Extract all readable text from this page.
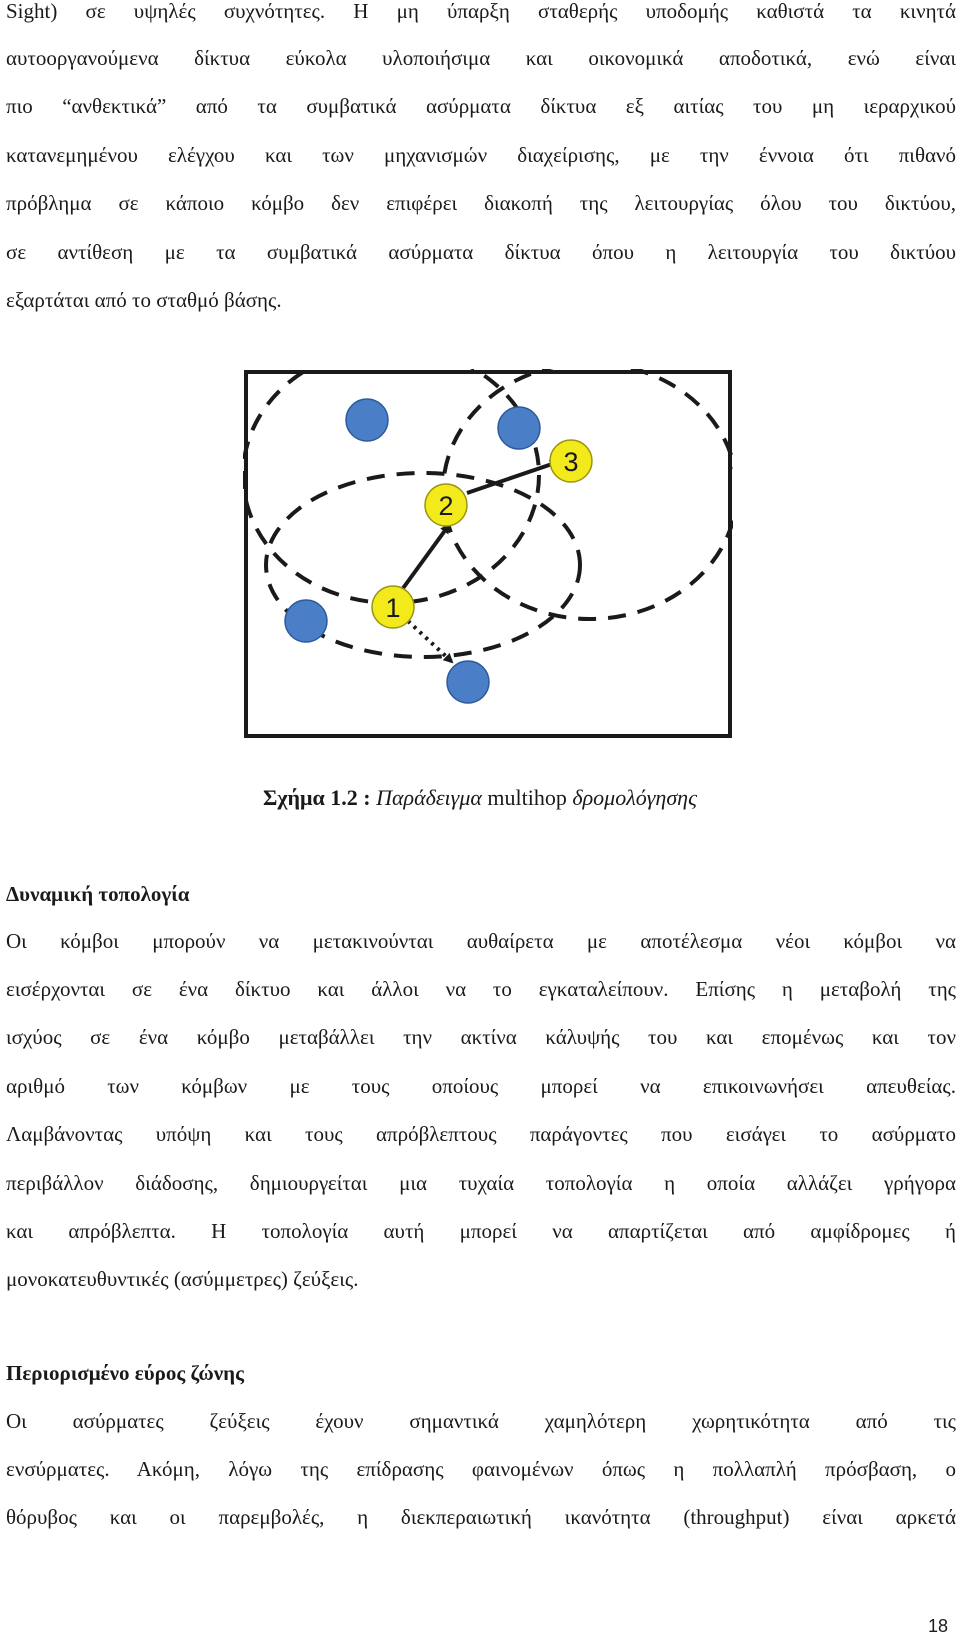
Sight) σε υψηλές συχνότητες. Η μη ύπαρξη σταθερής υποδομής καθιστά τα κινητά
αυτοοργανούμενα δίκτυα εύκολα υλοποιήσιμα και οικονομικά αποδοτικά, ενώ είναι
πιο “ανθεκτικά” από τα συμβατικά ασύρματα δίκτυα εξ αιτίας του μη ιεραρχικού
κατανεμημένου ελέγχου και των μηχανισμών διαχείρισης, με την έννοια ότι πιθανό
πρόβλημα σε κάποιο κόμβο δεν επιφέρει διακοπή της λειτουργίας όλου του δικτύου,
σε αντίθεση με τα συμβατικά ασύρματα δίκτυα όπου η λειτουργία του δικτύου
εξαρτάται από το σταθμό βάσης.
1
2
3
Σχήμα 1.2 : Παράδειγμα multihop δρομολόγησης
Δυναμική τοπολογία
Οι κόμβοι μπορούν να μετακινούνται αυθαίρετα με αποτέλεσμα νέοι κόμβοι να
εισέρχονται σε ένα δίκτυο και άλλοι να το εγκαταλείπουν. Επίσης η μεταβολή της
ισχύος σε ένα κόμβο μεταβάλλει την ακτίνα κάλυψής του και επομένως και τον
αριθμό των κόμβων με τους οποίους μπορεί να επικοινωνήσει απευθείας.
Λαμβάνοντας υπόψη και τους απρόβλεπτους παράγοντες που εισάγει το ασύρματο
περιβάλλον διάδοσης, δημιουργείται μια τυχαία τοπολογία η οποία αλλάζει γρήγορα
και απρόβλεπτα. Η τοπολογία αυτή μπορεί να απαρτίζεται από αμφίδρομες ή
μονοκατευθυντικές (ασύμμετρες) ζεύξεις.
Περιορισμένο εύρος ζώνης
Οι ασύρματες ζεύξεις έχουν σημαντικά χαμηλότερη χωρητικότητα από τις
ενσύρματες. Ακόμη, λόγω της επίδρασης φαινομένων όπως η πολλαπλή πρόσβαση, ο
θόρυβος και οι παρεμβολές, η διεκπεραιωτική ικανότητα (throughput) είναι αρκετά
18
